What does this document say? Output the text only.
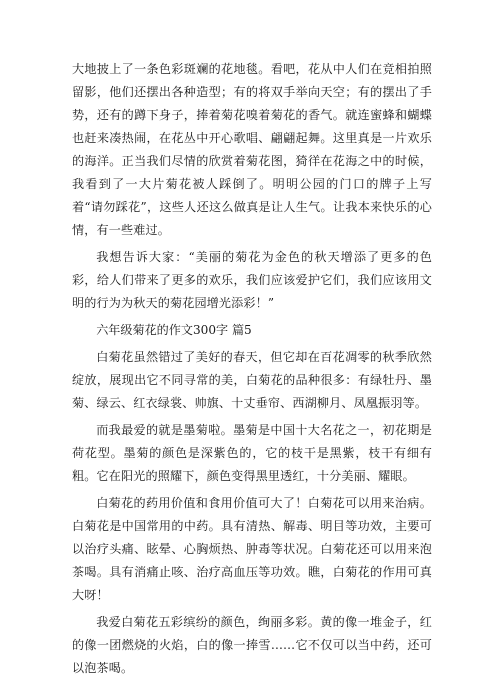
大地披上了一条色彩斑斓的花地毯。看吧，花从中人们在竞相拍照留影，他们还摆出各种造型；有的将双手举向天空；有的摆出了手势，还有的蹲下身子，捧着菊花嗅着菊花的香气。就连蜜蜂和蝴蝶也赶来凑热闹，在花丛中开心歌唱、翩翩起舞。这里真是一片欢乐的海洋。正当我们尽情的欣赏着菊花图，猗徉在花海之中的时候，我看到了一大片菊花被人踩倒了。明明公园的门口的牌子上写着“请勿踩花”，这些人还这么做真是让人生气。让我本来快乐的心情，有一些难过。

我想告诉大家：“美丽的菊花为金色的秋天增添了更多的色彩，给人们带来了更多的欢乐，我们应该爱护它们，我们应该用文明的行为为秋天的菊花园增光添彩！”

六年级菊花的作文300字 篇5

白菊花虽然错过了美好的春天，但它却在百花凋零的秋季欣然绽放，展现出它不同寻常的美，白菊花的品种很多：有绿牡丹、墨菊、绿云、红衣绿裳、帅旗、十丈垂帘、西湖柳月、凤凰振羽等。

而我最爱的就是墨菊啦。墨菊是中国十大名花之一，初花期是荷花型。墨菊的颜色是深紫色的，它的枝干是黑紫，枝干有细有粗。它在阳光的照耀下，颜色变得黑里透红，十分美丽、耀眼。

白菊花的药用价值和食用价值可大了！白菊花可以用来治病。白菊花是中国常用的中药。具有清热、解毒、明目等功效，主要可以治疗头痛、眩晕、心胸烦热、肿毒等状况。白菊花还可以用来泡茶喝。具有消痛止咳、治疗高血压等功效。瞧，白菊花的作用可真大呀！

我爱白菊花五彩缤纷的颜色，绚丽多彩。黄的像一堆金子，红的像一团燃烧的火焰，白的像一捧雪……它不仅可以当中药，还可以泡茶喝。
